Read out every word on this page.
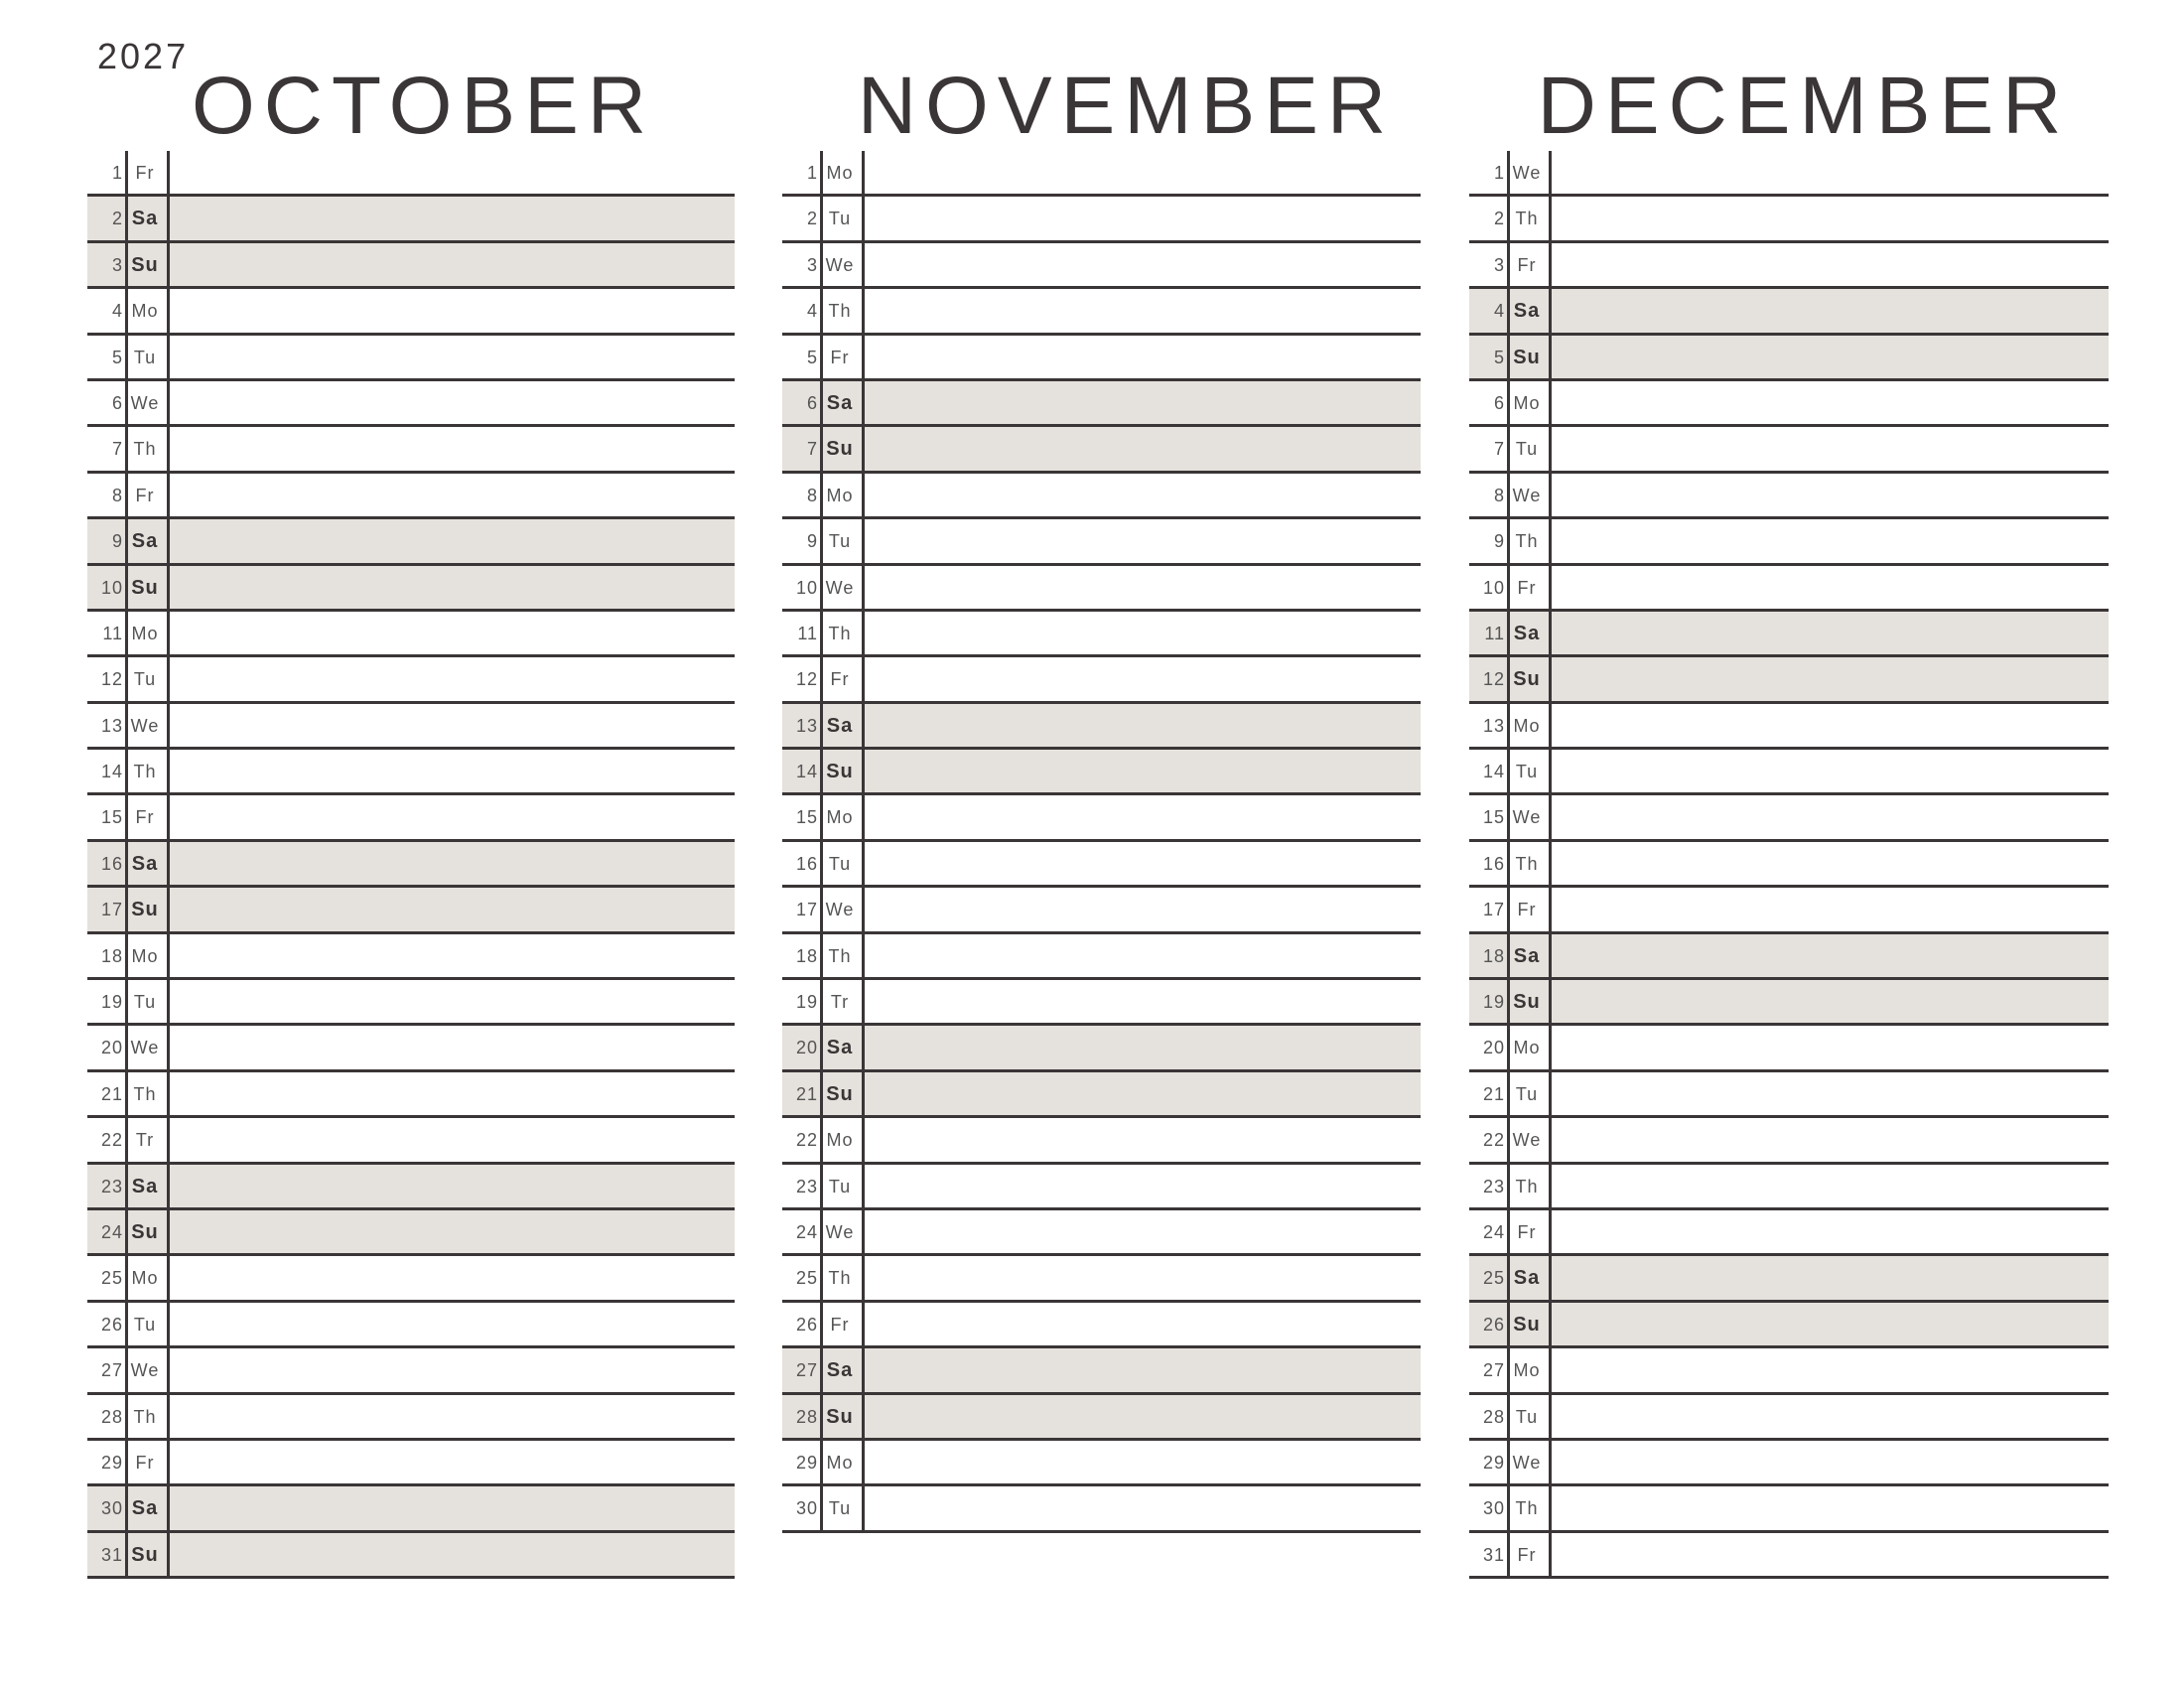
2027
OCTOBER
1 Fr
2 Sa
3 Su
4 Mo
5 Tu
6 We
7 Th
8 Fr
9 Sa
10 Su
11 Mo
12 Tu
13 We
14 Th
15 Fr
16 Sa
17 Su
18 Mo
19 Tu
20 We
21 Th
22 Tr
23 Sa
24 Su
25 Mo
26 Tu
27 We
28 Th
29 Fr
30 Sa
31 Su
NOVEMBER
1 Mo
2 Tu
3 We
4 Th
5 Fr
6 Sa
7 Su
8 Mo
9 Tu
10 We
11 Th
12 Fr
13 Sa
14 Su
15 Mo
16 Tu
17 We
18 Th
19 Tr
20 Sa
21 Su
22 Mo
23 Tu
24 We
25 Th
26 Fr
27 Sa
28 Su
29 Mo
30 Tu
DECEMBER
1 We
2 Th
3 Fr
4 Sa
5 Su
6 Mo
7 Tu
8 We
9 Th
10 Fr
11 Sa
12 Su
13 Mo
14 Tu
15 We
16 Th
17 Fr
18 Sa
19 Su
20 Mo
21 Tu
22 We
23 Th
24 Fr
25 Sa
26 Su
27 Mo
28 Tu
29 We
30 Th
31 Fr
